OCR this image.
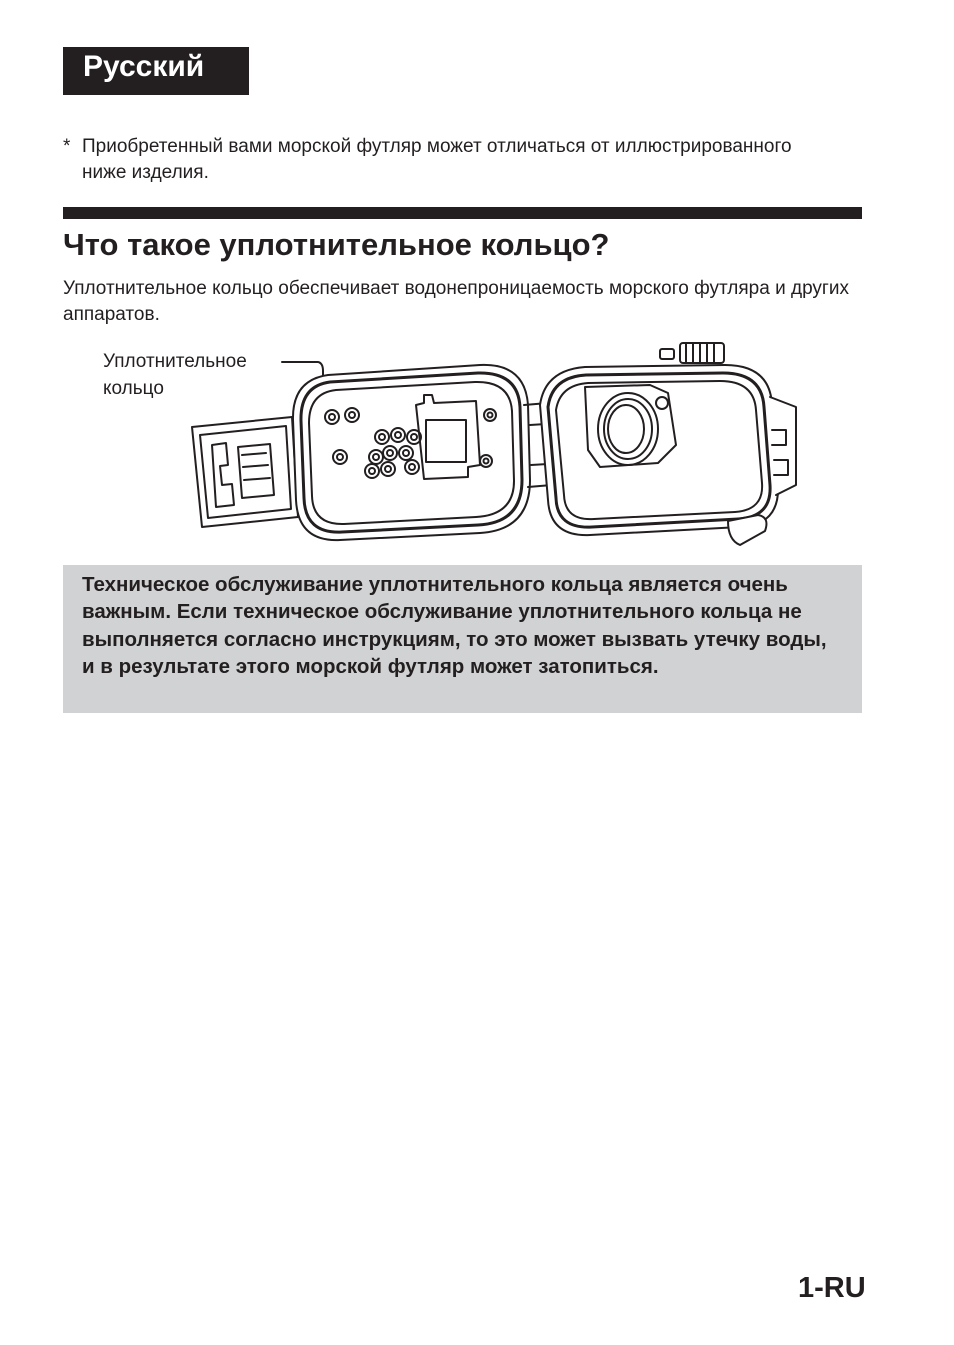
Русский
* Приобретенный вами морской футляр может отличаться от иллюстрированного ниже изделия.
Что такое уплотнительное кольцо?

Уплотнительное кольцо обеспечивает водонепроницаемость морского футляра и других аппаратов.

Уплотнительное
кольцо
Техническое обслуживание уплотнительного кольца является очень важным. Если техническое обслуживание уплотнительного кольца не выполняется согласно инструкциям, то это может вызвать утечку воды, и в результате этого морской футляр может затопиться.
1-RU
